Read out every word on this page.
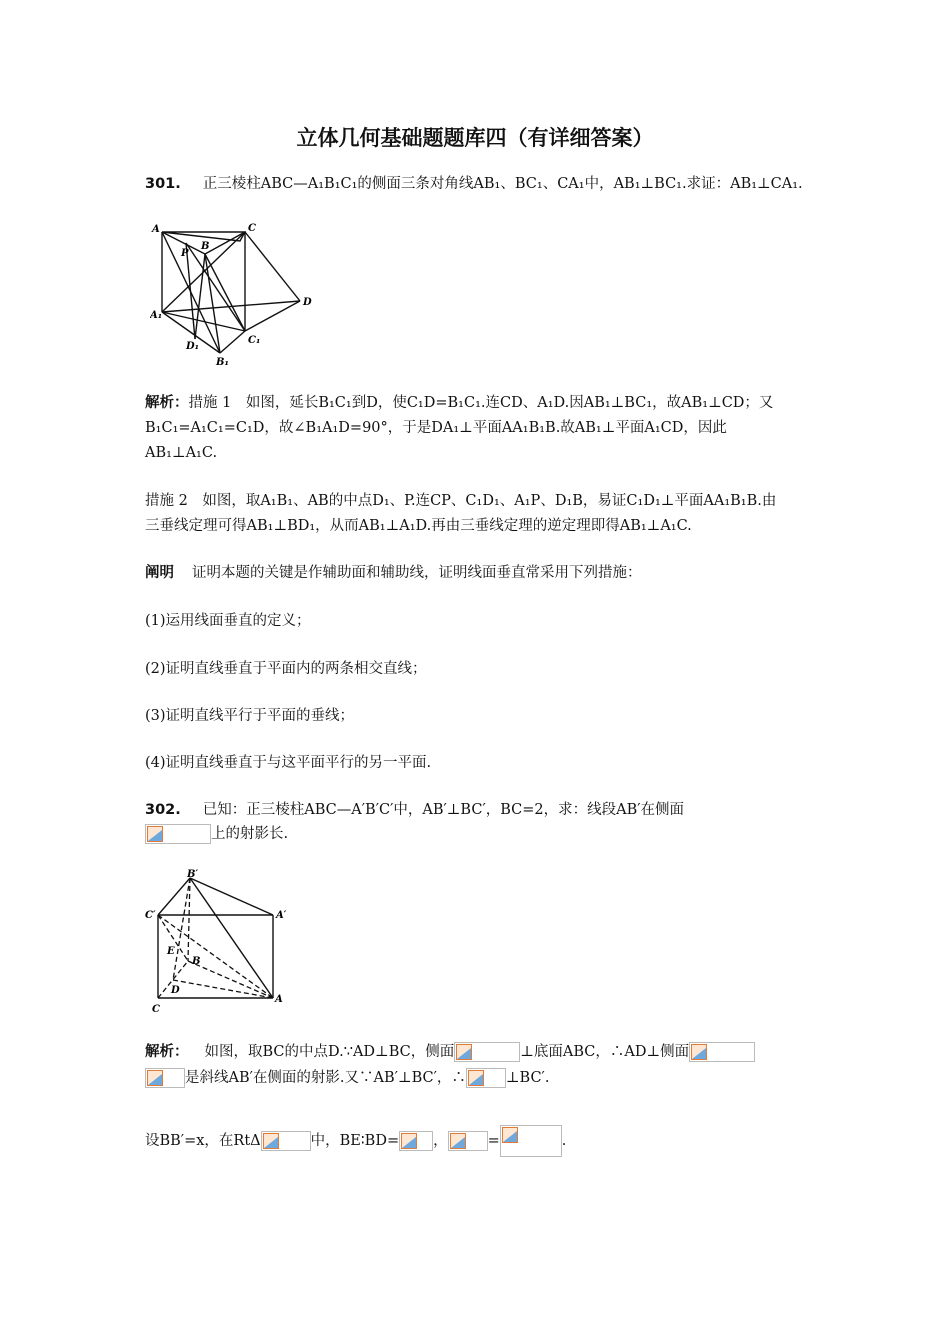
立体几何基础题题库四（有详细答案）
301. 正三棱柱ABC—A₁B₁C₁的侧面三条对角线AB₁、BC₁、CA₁中，AB₁⊥BC₁.求证：AB₁⊥CA₁.
A
B
C
P
D
A₁
D₁
B₁
C₁
解析：措施 1　如图，延长B₁C₁到D，使C₁D=B₁C₁.连CD、A₁D.因AB₁⊥BC₁，故AB₁⊥CD；又
B₁C₁=A₁C₁=C₁D，故∠B₁A₁D=90°，于是DA₁⊥平面AA₁B₁B.故AB₁⊥平面A₁CD，因此
AB₁⊥A₁C.
措施 2　如图，取A₁B₁、AB的中点D₁、P.连CP、C₁D₁、A₁P、D₁B，易证C₁D₁⊥平面AA₁B₁B.由
三垂线定理可得AB₁⊥BD₁，从而AB₁⊥A₁D.再由三垂线定理的逆定理即得AB₁⊥A₁C.
阐明 证明本题的关键是作辅助面和辅助线，证明线面垂直常采用下列措施：
(1)运用线面垂直的定义；
(2)证明直线垂直于平面内的两条相交直线；
(3)证明直线平行于平面的垂线；
(4)证明直线垂直于与这平面平行的另一平面.
302. 已知：正三棱柱ABC—A′B′C′中，AB′⊥BC′，BC=2，求：线段AB′在侧面
上的射影长.
B′
C′	A′
E
B
D
C
A
解析： 如图，取BC的中点D.∵AD⊥BC，侧面	⊥底面ABC，∴AD⊥侧面
是斜线AB′在侧面的射影.又∵AB′⊥BC′，∴	⊥BC′.
设BB′=x，在RtΔ	中，BE∶BD= ，	=	.
